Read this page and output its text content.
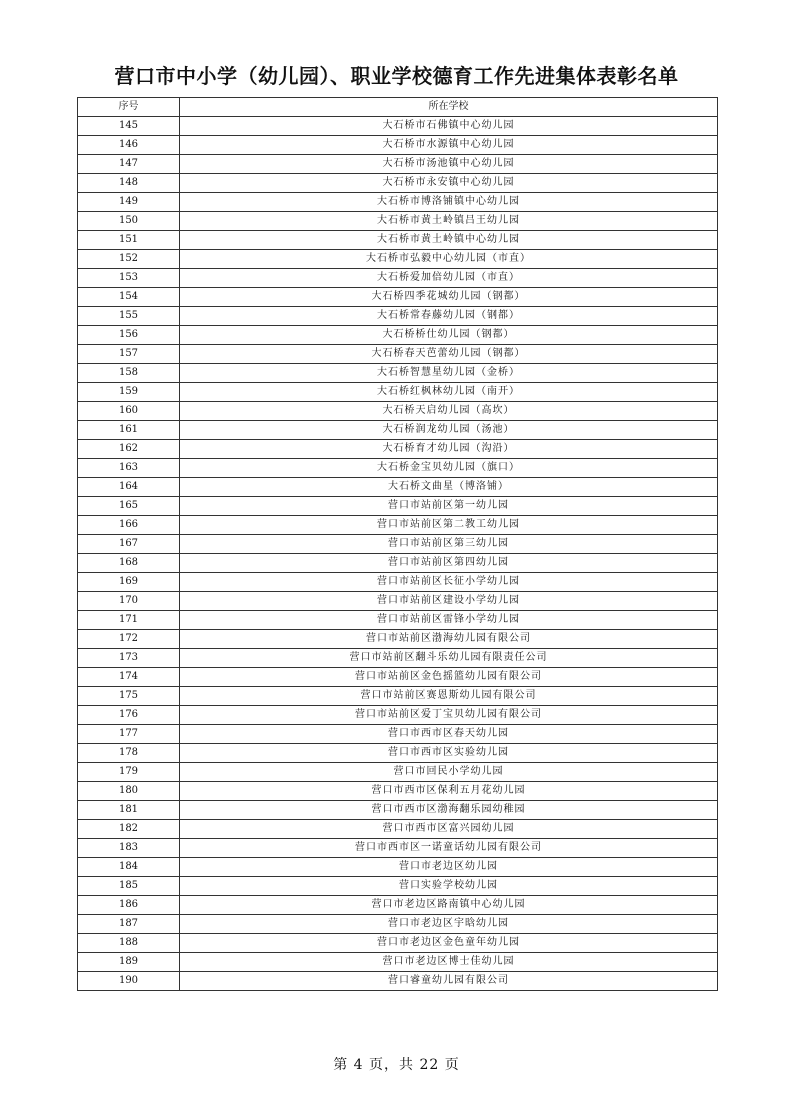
营口市中小学（幼儿园）、职业学校德育工作先进集体表彰名单
序号	所在学校
145	大石桥市石佛镇中心幼儿园
146	大石桥市水源镇中心幼儿园
147	大石桥市汤池镇中心幼儿园
148	大石桥市永安镇中心幼儿园
149	大石桥市博洛铺镇中心幼儿园
150	大石桥市黄土岭镇吕王幼儿园
151	大石桥市黄土岭镇中心幼儿园
152	大石桥市弘毅中心幼儿园（市直）
153	大石桥爱加倍幼儿园（市直）
154	大石桥四季花城幼儿园（钢都）
155	大石桥常春藤幼儿园（钢都）
156	大石桥桥仕幼儿园（钢都）
157	大石桥春天芭蕾幼儿园（钢都）
158	大石桥智慧星幼儿园（金桥）
159	大石桥红枫林幼儿园（南开）
160	大石桥天启幼儿园（高坎）
161	大石桥润龙幼儿园（汤池）
162	大石桥育才幼儿园（沟沿）
163	大石桥金宝贝幼儿园（旗口）
164	大石桥文曲星（博洛铺）
165	营口市站前区第一幼儿园
166	营口市站前区第二教工幼儿园
167	营口市站前区第三幼儿园
168	营口市站前区第四幼儿园
169	营口市站前区长征小学幼儿园
170	营口市站前区建设小学幼儿园
171	营口市站前区雷锋小学幼儿园
172	营口市站前区渤海幼儿园有限公司
173	营口市站前区翻斗乐幼儿园有限责任公司
174	营口市站前区金色摇篮幼儿园有限公司
175	营口市站前区赛恩斯幼儿园有限公司
176	营口市站前区爱丁宝贝幼儿园有限公司
177	营口市西市区春天幼儿园
178	营口市西市区实验幼儿园
179	营口市回民小学幼儿园
180	营口市西市区保利五月花幼儿园
181	营口市西市区渤海翻乐园幼稚园
182	营口市西市区富兴园幼儿园
183	营口市西市区一诺童话幼儿园有限公司
184	营口市老边区幼儿园
185	营口实验学校幼儿园
186	营口市老边区路南镇中心幼儿园
187	营口市老边区宇晗幼儿园
188	营口市老边区金色童年幼儿园
189	营口市老边区博士佳幼儿园
190	营口睿童幼儿园有限公司
第 4 页，共 22 页
